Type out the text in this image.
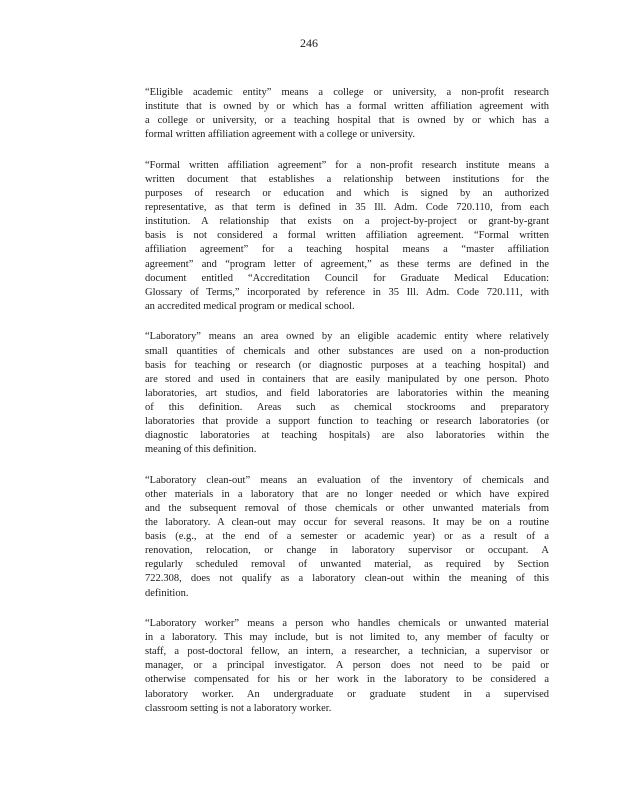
246
“Eligible academic entity” means a college or university, a non-profit research
institute that is owned by or which has a formal written affiliation agreement with
a college or university, or a teaching hospital that is owned by or which has a
formal written affiliation agreement with a college or university.
“Formal written affiliation agreement” for a non-profit research institute means a
written document that establishes a relationship between institutions for the
purposes of research or education and which is signed by an authorized
representative, as that term is defined in 35 Ill. Adm. Code 720.110, from each
institution. A relationship that exists on a project-by-project or grant-by-grant
basis is not considered a formal written affiliation agreement. “Formal written
affiliation agreement” for a teaching hospital means a “master affiliation
agreement” and “program letter of agreement,” as these terms are defined in the
document entitled “Accreditation Council for Graduate Medical Education:
Glossary of Terms,” incorporated by reference in 35 Ill. Adm. Code 720.111, with
an accredited medical program or medical school.
“Laboratory” means an area owned by an eligible academic entity where relatively
small quantities of chemicals and other substances are used on a non-production
basis for teaching or research (or diagnostic purposes at a teaching hospital) and
are stored and used in containers that are easily manipulated by one person. Photo
laboratories, art studios, and field laboratories are laboratories within the meaning
of this definition. Areas such as chemical stockrooms and preparatory
laboratories that provide a support function to teaching or research laboratories (or
diagnostic laboratories at teaching hospitals) are also laboratories within the
meaning of this definition.
“Laboratory clean-out” means an evaluation of the inventory of chemicals and
other materials in a laboratory that are no longer needed or which have expired
and the subsequent removal of those chemicals or other unwanted materials from
the laboratory. A clean-out may occur for several reasons. It may be on a routine
basis (e.g., at the end of a semester or academic year) or as a result of a
renovation, relocation, or change in laboratory supervisor or occupant. A
regularly scheduled removal of unwanted material, as required by Section
722.308, does not qualify as a laboratory clean-out within the meaning of this
definition.
“Laboratory worker” means a person who handles chemicals or unwanted material
in a laboratory. This may include, but is not limited to, any member of faculty or
staff, a post-doctoral fellow, an intern, a researcher, a technician, a supervisor or
manager, or a principal investigator. A person does not need to be paid or
otherwise compensated for his or her work in the laboratory to be considered a
laboratory worker. An undergraduate or graduate student in a supervised
classroom setting is not a laboratory worker.
